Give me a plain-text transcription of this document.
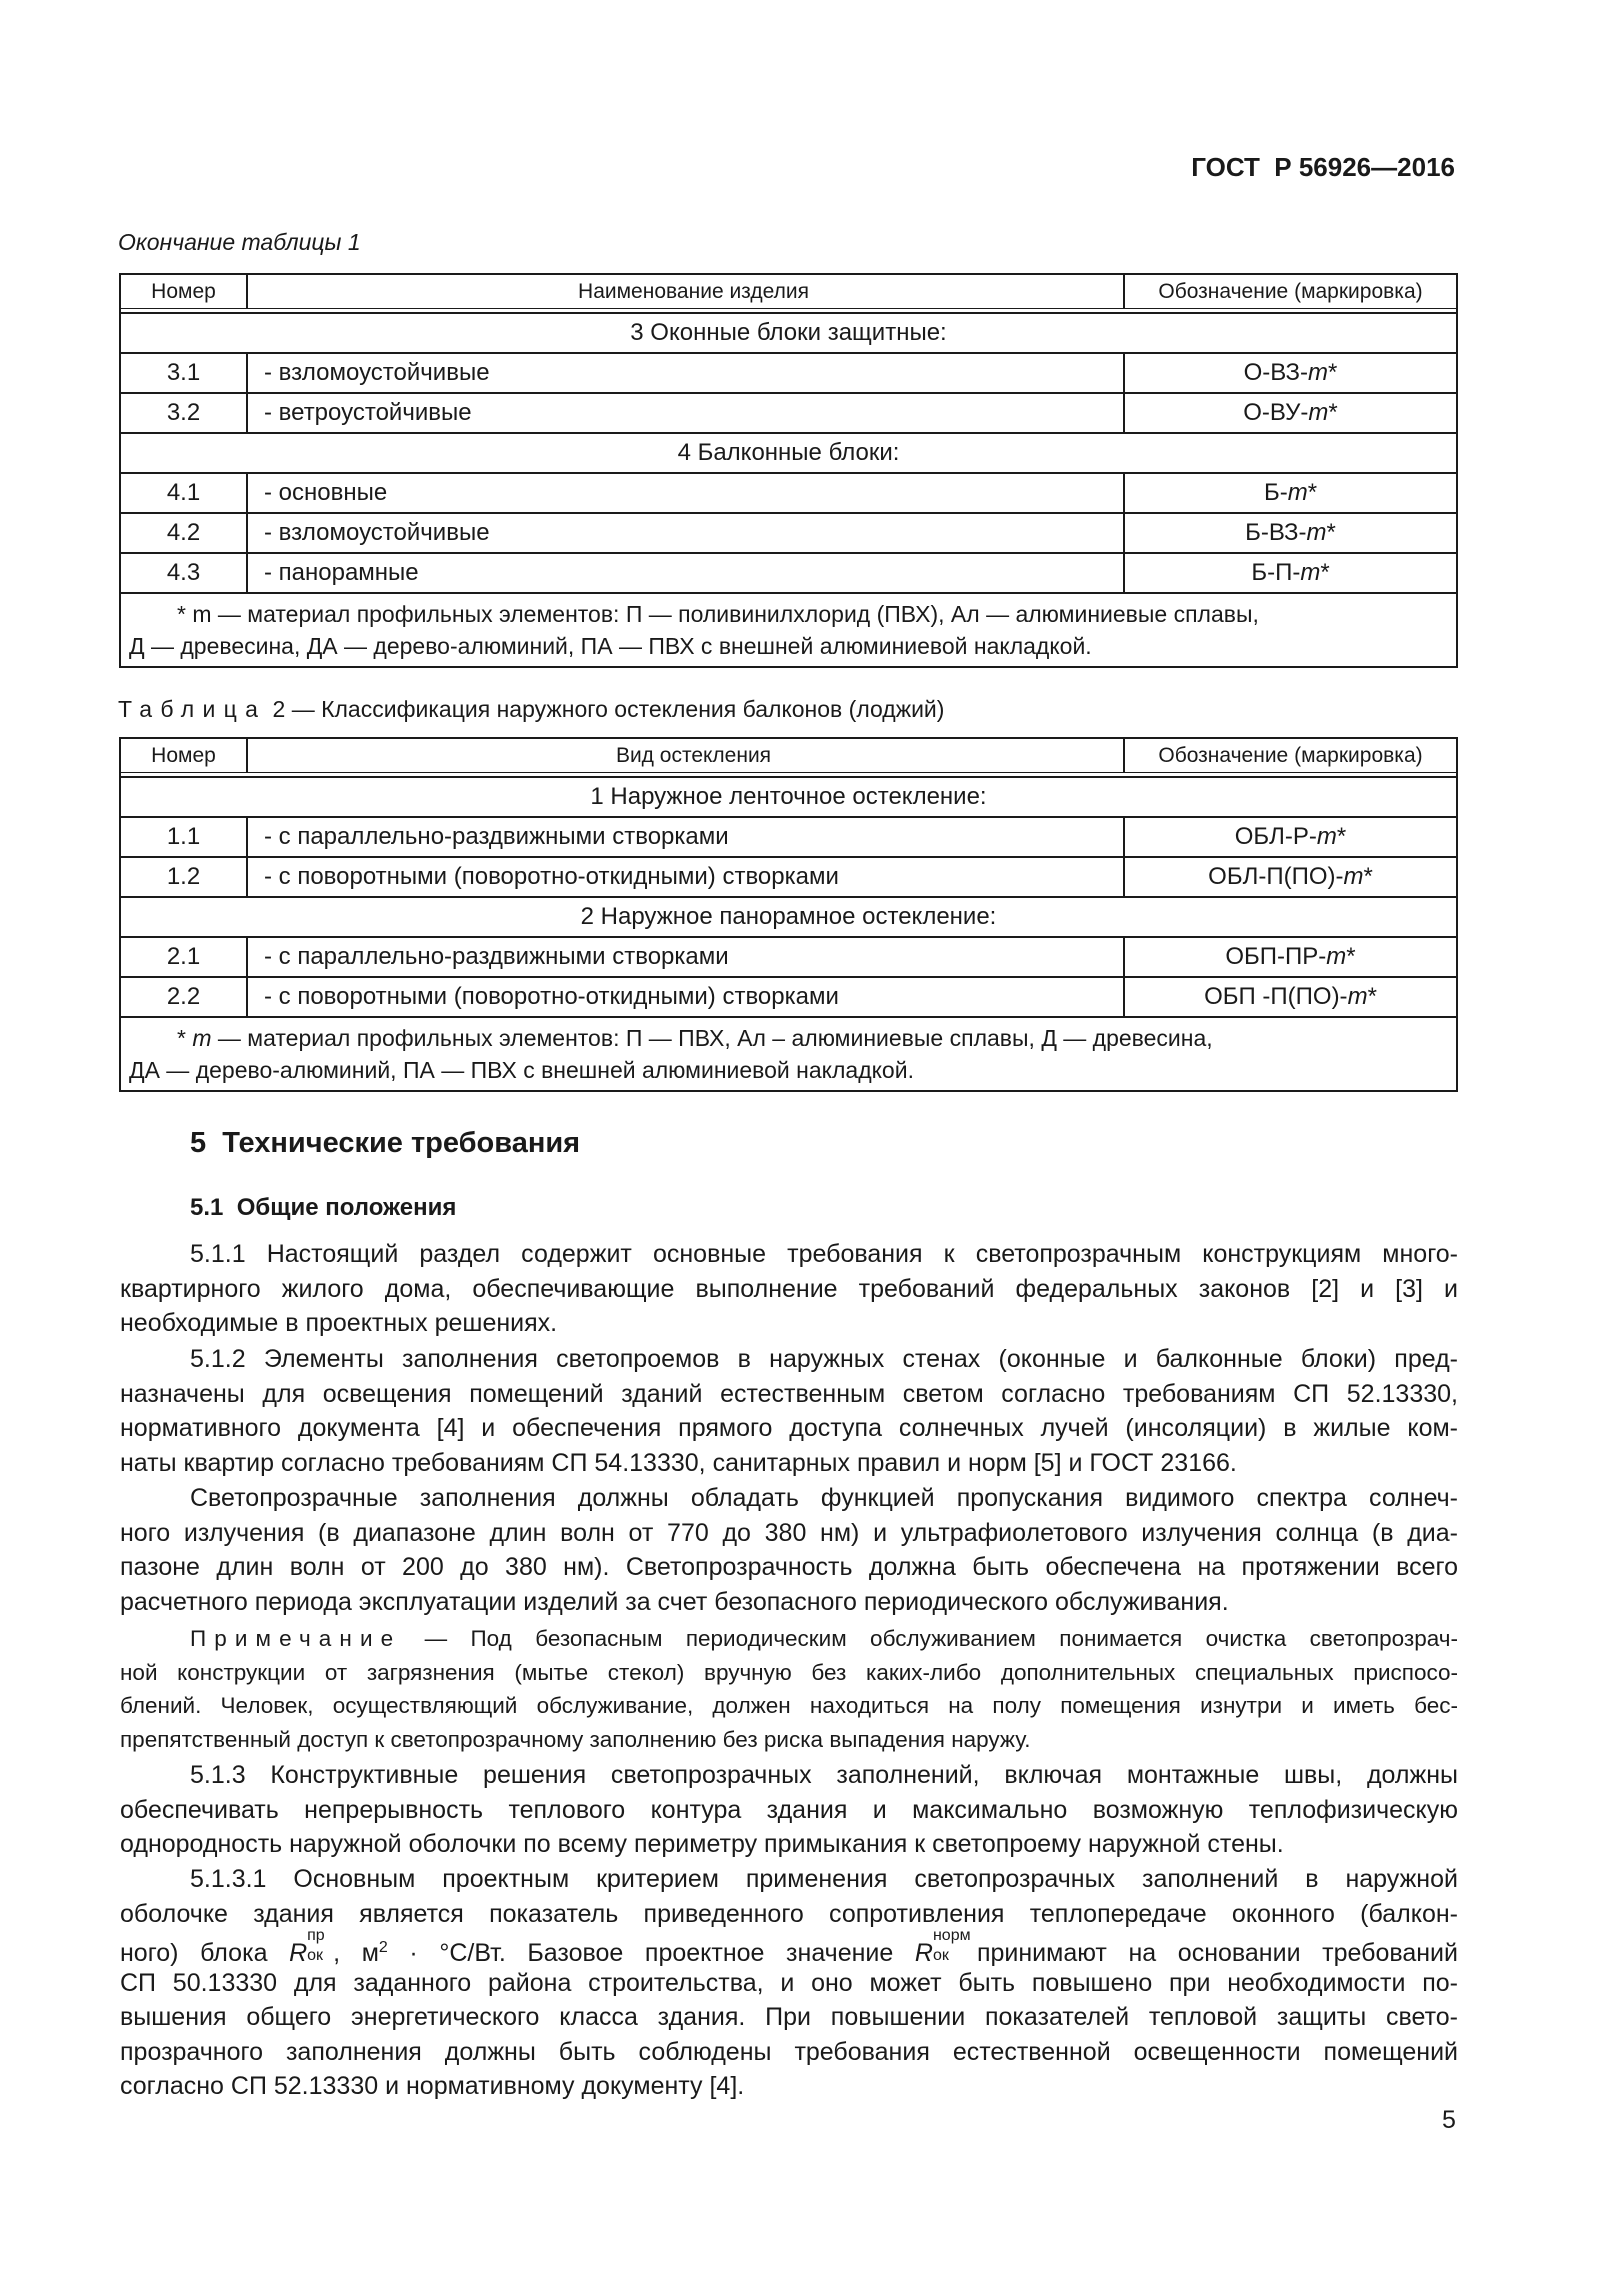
ГОСТ  Р 56926—2016
Окончание таблицы 1
Номер	Наименование изделия	Обозначение (маркировка)

3 Оконные блоки защитные:		
3.1	- взломоустойчивые	О-ВЗ-m*
3.2	- ветроустойчивые	О-ВУ-m*
4 Балконные блоки:		
4.1	- основные	Б-m*
4.2	- взломоустойчивые	Б-ВЗ-m*
4.3	- панорамные	Б-П-m*

* m — материал профильных элементов: П — поливинилхлорид (ПВХ), Ал — алюминиевые сплавы,
Д — древесина, ДА — дерево-алюминий, ПА — ПВХ с внешней алюминиевой накладкой.		
Таблица 2 — Классификация наружного остекления балконов (лоджий)
Номер	Вид остекления	Обозначение (маркировка)

1 Наружное ленточное остекление:		
1.1	- с параллельно-раздвижными створками	ОБЛ-Р-m*
1.2	- с поворотными (поворотно-откидными) створками	ОБЛ-П(ПО)-m*
2 Наружное панорамное остекление:		
2.1	- с параллельно-раздвижными створками	ОБП-ПР-m*
2.2	- с поворотными (поворотно-откидными) створками	ОБП -П(ПО)-m*

* m — материал профильных элементов: П — ПВХ, Ал – алюминиевые сплавы, Д — древесина,
ДА — дерево-алюминий, ПА — ПВХ с внешней алюминиевой накладкой.		
5  Технические требования
5.1  Общие положения
5.1.1 Настоящий раздел содержит основные требования к светопрозрачным конструкциям много-
квартирного жилого дома, обеспечивающие выполнение требований федеральных законов [2] и [3] и
необходимые в проектных решениях.
5.1.2 Элементы заполнения светопроемов в наружных стенах (оконные и балконные блоки) пред-
назначены для освещения помещений зданий естественным светом согласно требованиям СП 52.13330,
нормативного документа [4] и обеспечения прямого доступа солнечных лучей (инсоляции) в жилые ком-
наты квартир согласно требованиям СП 54.13330, санитарных правил и норм [5] и ГОСТ 23166.
Светопрозрачные заполнения должны обладать функцией пропускания видимого спектра солнеч-
ного излучения (в диапазоне длин волн от 770 до 380 нм) и ультрафиолетового излучения солнца (в диа-
пазоне длин волн от 200 до 380 нм). Светопрозрачность должна быть обеспечена на протяжении всего
расчетного периода эксплуатации изделий за счет безопасного периодического обслуживания.
Примечание — Под безопасным периодическим обслуживанием понимается очистка светопрозрач-
ной конструкции от загрязнения (мытье стекол) вручную без каких-либо дополнительных специальных приспосо-
блений. Человек, осуществляющий обслуживание, должен находиться на полу помещения изнутри и иметь бес-
препятственный доступ к светопрозрачному заполнению без риска выпадения наружу.
5.1.3 Конструктивные решения светопрозрачных заполнений, включая монтажные швы, должны
обеспечивать непрерывность теплового контура здания и максимально возможную теплофизическую
однородность наружной оболочки по всему периметру примыкания к светопроему наружной стены.
5.1.3.1 Основным проектным критерием применения светопрозрачных заполнений в наружной
оболочке здания является показатель приведенного сопротивления теплопередаче оконного (балкон-
ного) блока R
пр
ок , $м^2 \cdot ^\circ С/Вт$. Базовое проектное значение R
норм
ок принимают на основании требований
СП 50.13330 для заданного района строительства, и оно может быть повышено при необходимости по-
вышения общего энергетического класса здания. При повышении показателей тепловой защиты свето-
прозрачного заполнения должны быть соблюдены требования естественной освещенности помещений
согласно СП 52.13330 и нормативному документу [4].
5
